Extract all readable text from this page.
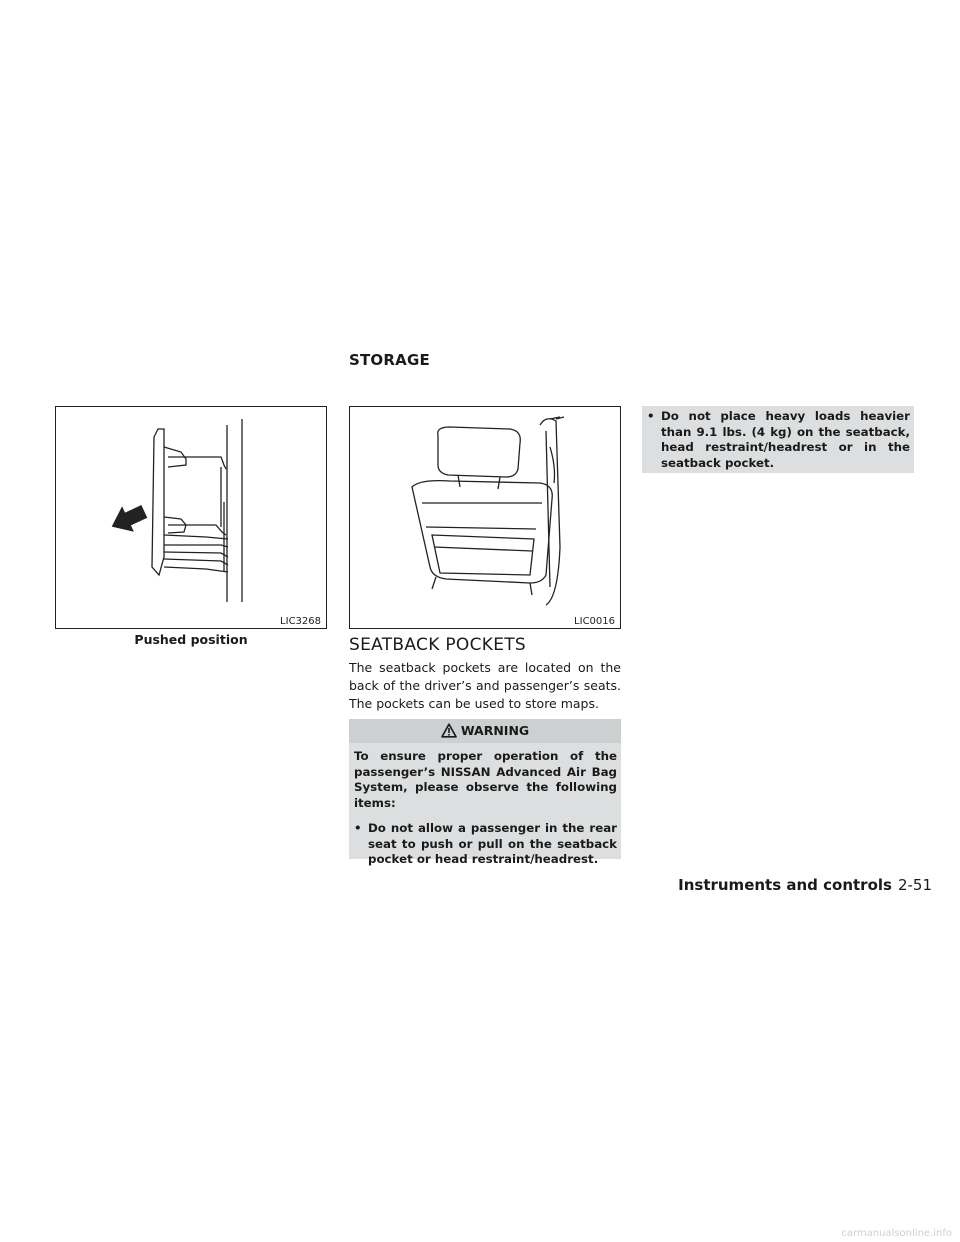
STORAGE
LIC3268
Pushed position
LIC0016
SEATBACK POCKETS
The seatback pockets are located on the back of the driver’s and passenger’s seats. The pockets can be used to store maps.
WARNING

To ensure proper operation of the passenger’s NISSAN Advanced Air Bag System, please observe the following items:

• Do not allow a passenger in the rear seat to push or pull on the seatback pocket or head restraint/headrest.
• Do not place heavy loads heavier than 9.1 lbs. (4 kg) on the seatback, head restraint/headrest or in the seatback pocket.
Instruments and controls 2-51
carmanualsonline.info
